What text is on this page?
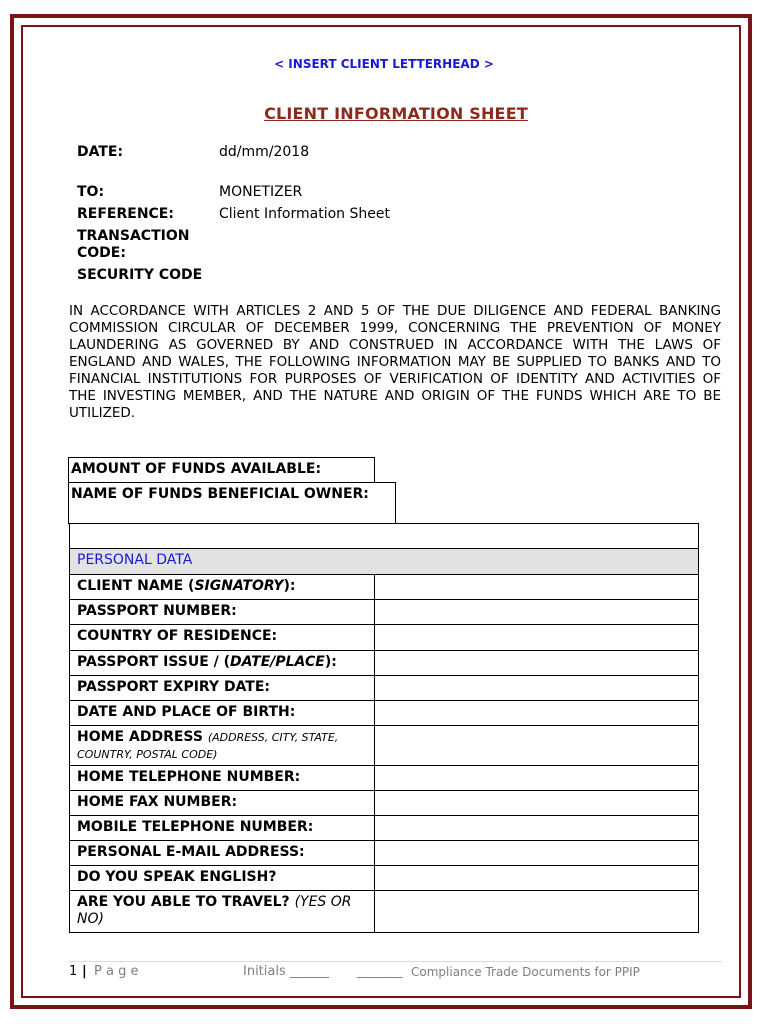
< INSERT CLIENT LETTERHEAD >
CLIENT INFORMATION SHEET
DATE:	dd/mm/2018
TO:	MONETIZER
REFERENCE:	Client Information Sheet
TRANSACTION CODE:
SECURITY CODE
IN ACCORDANCE WITH ARTICLES 2 AND 5 OF THE DUE DILIGENCE AND FEDERAL BANKING COMMISSION CIRCULAR OF DECEMBER 1999, CONCERNING THE PREVENTION OF MONEY LAUNDERING AS GOVERNED BY AND CONSTRUED IN ACCORDANCE WITH THE LAWS OF ENGLAND AND WALES, THE FOLLOWING INFORMATION MAY BE SUPPLIED TO BANKS AND TO FINANCIAL INSTITUTIONS FOR PURPOSES OF VERIFICATION OF IDENTITY AND ACTIVITIES OF THE INVESTING MEMBER, AND THE NATURE AND ORIGIN OF THE FUNDS WHICH ARE TO BE UTILIZED.
AMOUNT OF FUNDS AVAILABLE:
NAME OF FUNDS BENEFICIAL OWNER:
PERSONAL DATA
CLIENT NAME (SIGNATORY):
PASSPORT NUMBER:
COUNTRY OF RESIDENCE:
PASSPORT ISSUE / (DATE/PLACE):
PASSPORT EXPIRY DATE:
DATE AND PLACE OF BIRTH:
HOME ADDRESS (ADDRESS, CITY, STATE, COUNTRY, POSTAL CODE)
HOME TELEPHONE NUMBER:
HOME FAX NUMBER:
MOBILE TELEPHONE NUMBER:
PERSONAL E-MAIL ADDRESS:
DO YOU SPEAK ENGLISH?
ARE YOU ABLE TO TRAVEL? (YES OR NO)
1 | P a g e	Initials ______ _______ Compliance Trade Documents for PPIP
